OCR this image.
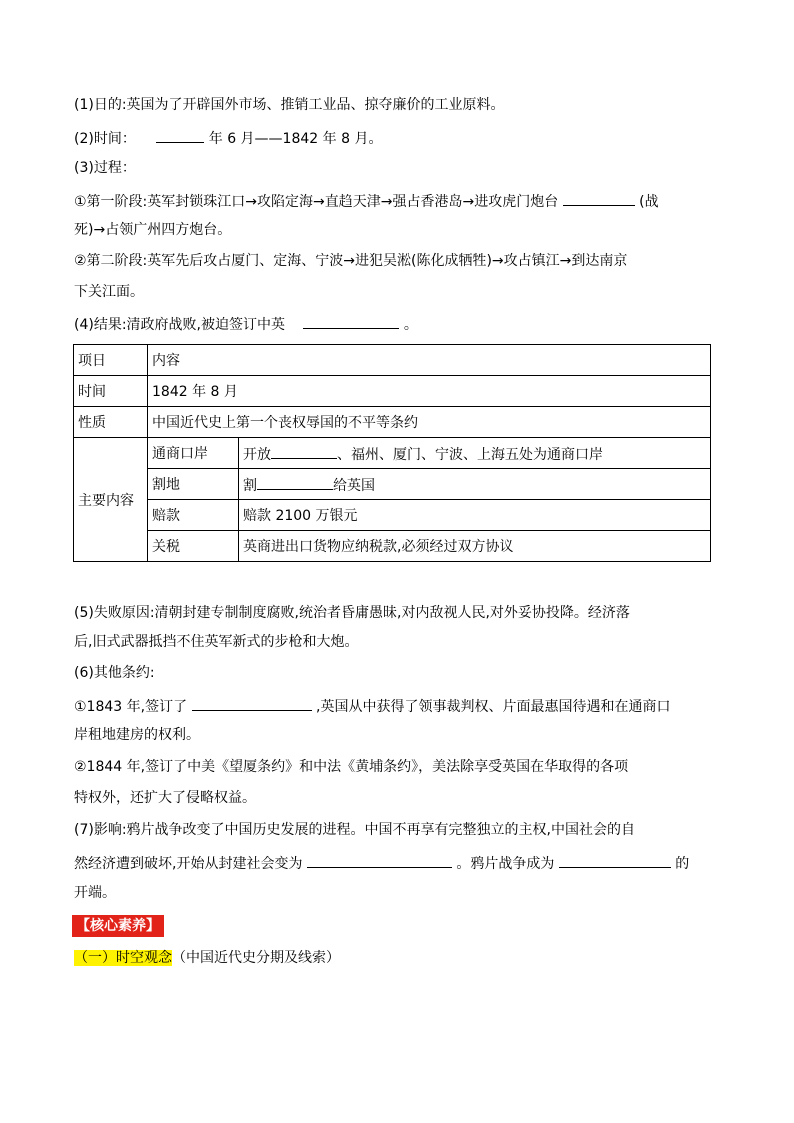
(1)日的:英国为了开辟国外市场、推销工业品、掠夺廉价的工业原料。
(2)时间：	年 6 月——1842 年 8 月。
(3)过程：
①第一阶段:英军封锁珠江口→攻陷定海→直趋天津→强占香港岛→进攻虎门炮台	(战
死)→占领广州四方炮台。
②第二阶段:英军先后攻占厦门、定海、宁波→进犯吴淞(陈化成牺牲)→攻占镇江→到达南京
下关江面。
(4)结果:清政府战败,被迫签订中英	。
项日	内容	
时间	1842 年 8 月	
性质	中国近代史上第一个丧权辱国的不平等条约	
主要内容	通商口岸	开放 、福州、厦门、宁波、上海五处为通商口岸
	割地	割 给英国
	赔款	赔款 2100 万银元
	关税	英商进出口货物应纳税款,必须经过双方协议
(5)失败原因:清朝封建专制制度腐败,统治者昏庸愚昧,对内敌视人民,对外妥协投降。经济落
后,旧式武器抵挡不住英军新式的步枪和大炮。
(6)其他条约:
①1843 年,签订了	,英国从中获得了领事裁判权、片面最惠国待遇和在通商口
岸租地建房的权利。
②1844 年,签订了中美《望厦条约》和中法《黄埔条约》，美法除享受英国在华取得的各项
特权外，还扩大了侵略权益。
(7)影响:鸦片战争改变了中国历史发展的进程。中国不再享有完整独立的主权,中国社会的自
然经济遭到破坏,开始从封建社会变为	。鸦片战争成为	的
开端。
【核心素养】
（一）时空观念（中国近代史分期及线索）
